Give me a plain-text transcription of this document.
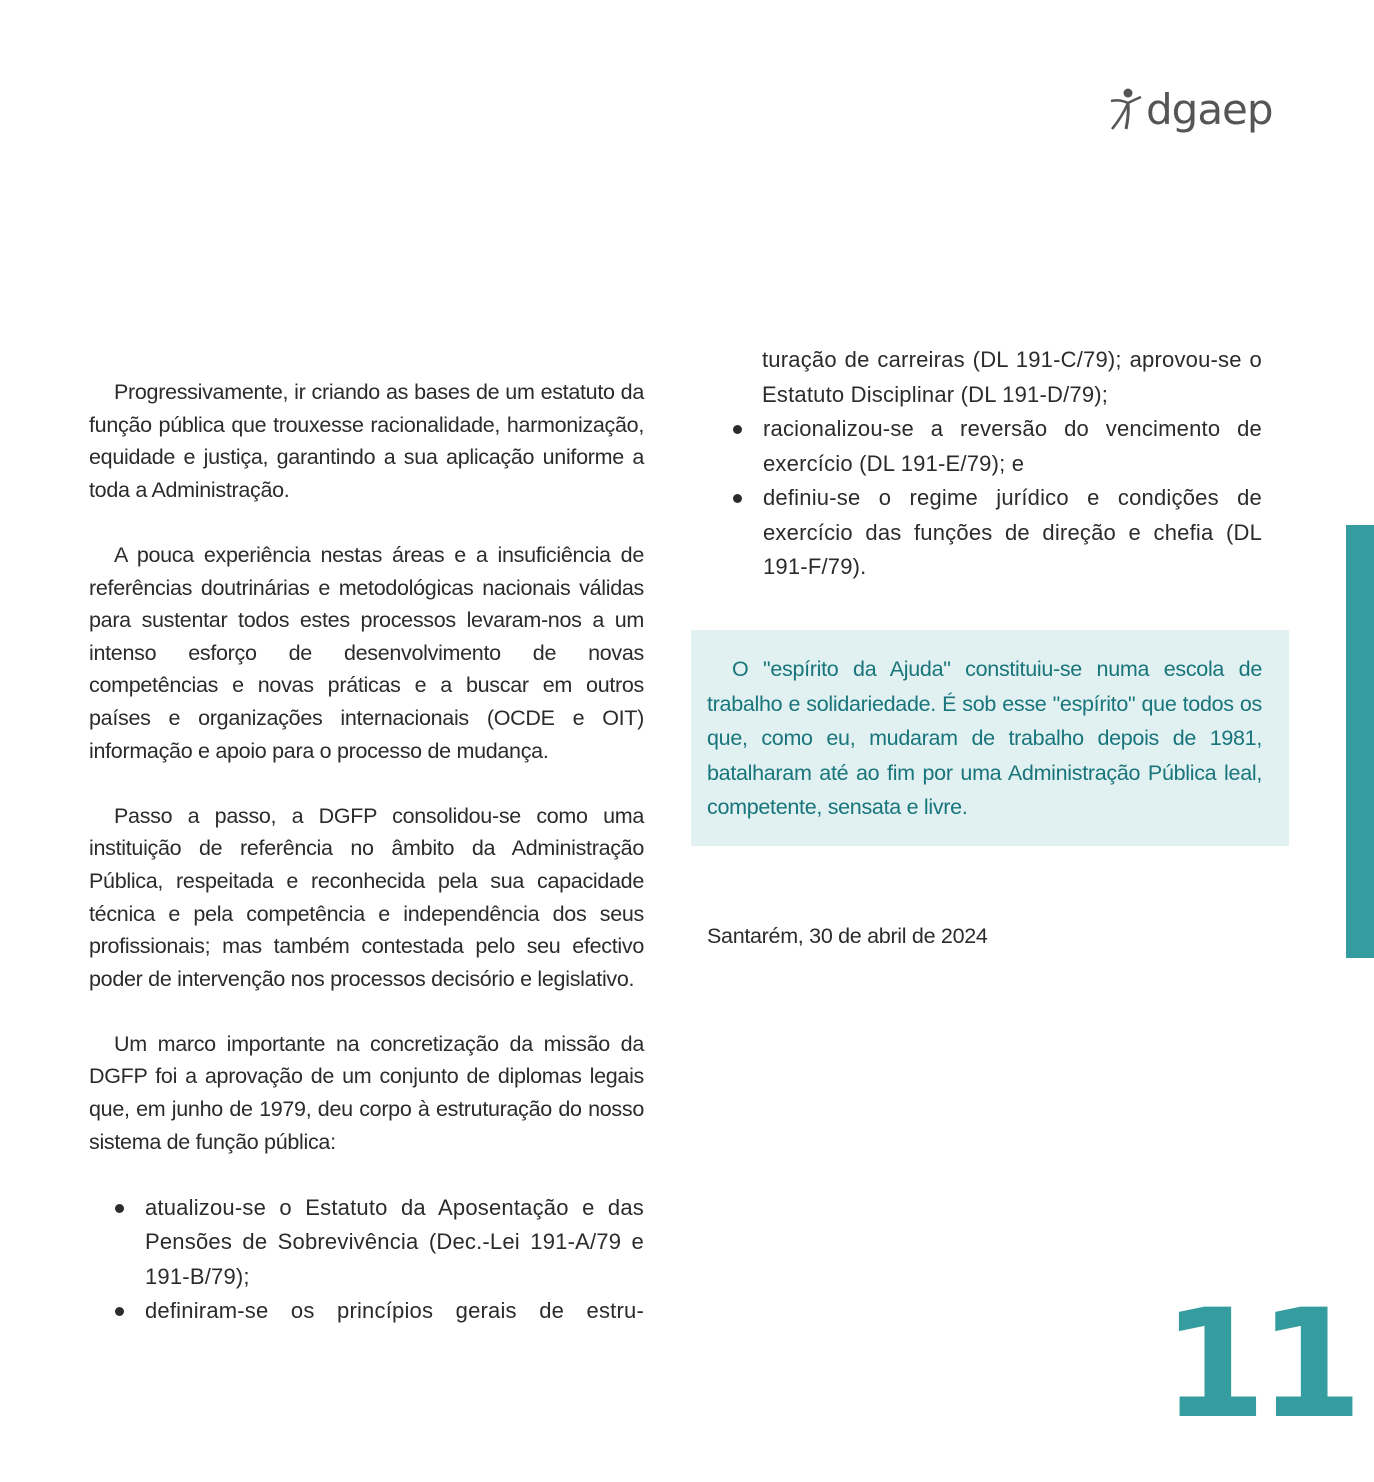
dgaep

Progressivamente, ir criando as bases de um estatuto da função pública que trouxesse racionalidade, harmonização, equidade e justiça, garantindo a sua aplicação uniforme a toda a Administração.

A pouca experiência nestas áreas e a insuficiência de referências doutrinárias e metodológicas nacionais válidas para sustentar todos estes processos levaram-nos a um intenso esforço de desenvolvimento de novas competências e novas práticas e a buscar em outros países e organizações internacionais (OCDE e OIT) informação e apoio para o processo de mudança.

Passo a passo, a DGFP consolidou-se como uma instituição de referência no âmbito da Administração Pública, respeitada e reconhecida pela sua capacidade técnica e pela competência e independência dos seus profissionais; mas também contestada pelo seu efectivo poder de intervenção nos processos decisório e legislativo.

Um marco importante na concretização da missão da DGFP foi a aprovação de um conjunto de diplomas legais que, em junho de 1979, deu corpo à estruturação do nosso sistema de função pública:

atualizou-se o Estatuto da Aposentação e das Pensões de Sobrevivência (Dec.-Lei 191-A/79 e 191-B/79);
definiram-se os princípios gerais de estru-
turação de carreiras (DL 191-C/79); aprovou-se o Estatuto Disciplinar (DL 191-D/79);
racionalizou-se a reversão do vencimento de exercício (DL 191-E/79); e
definiu-se o regime jurídico e condições de exercício das funções de direção e chefia (DL 191-F/79).

O "espírito da Ajuda" constituiu-se numa escola de trabalho e solidariedade. É sob esse "espírito" que todos os que, como eu, mudaram de trabalho depois de 1981, batalharam até ao fim por uma Administração Pública leal, competente, sensata e livre.

Santarém, 30 de abril de 2024
11
